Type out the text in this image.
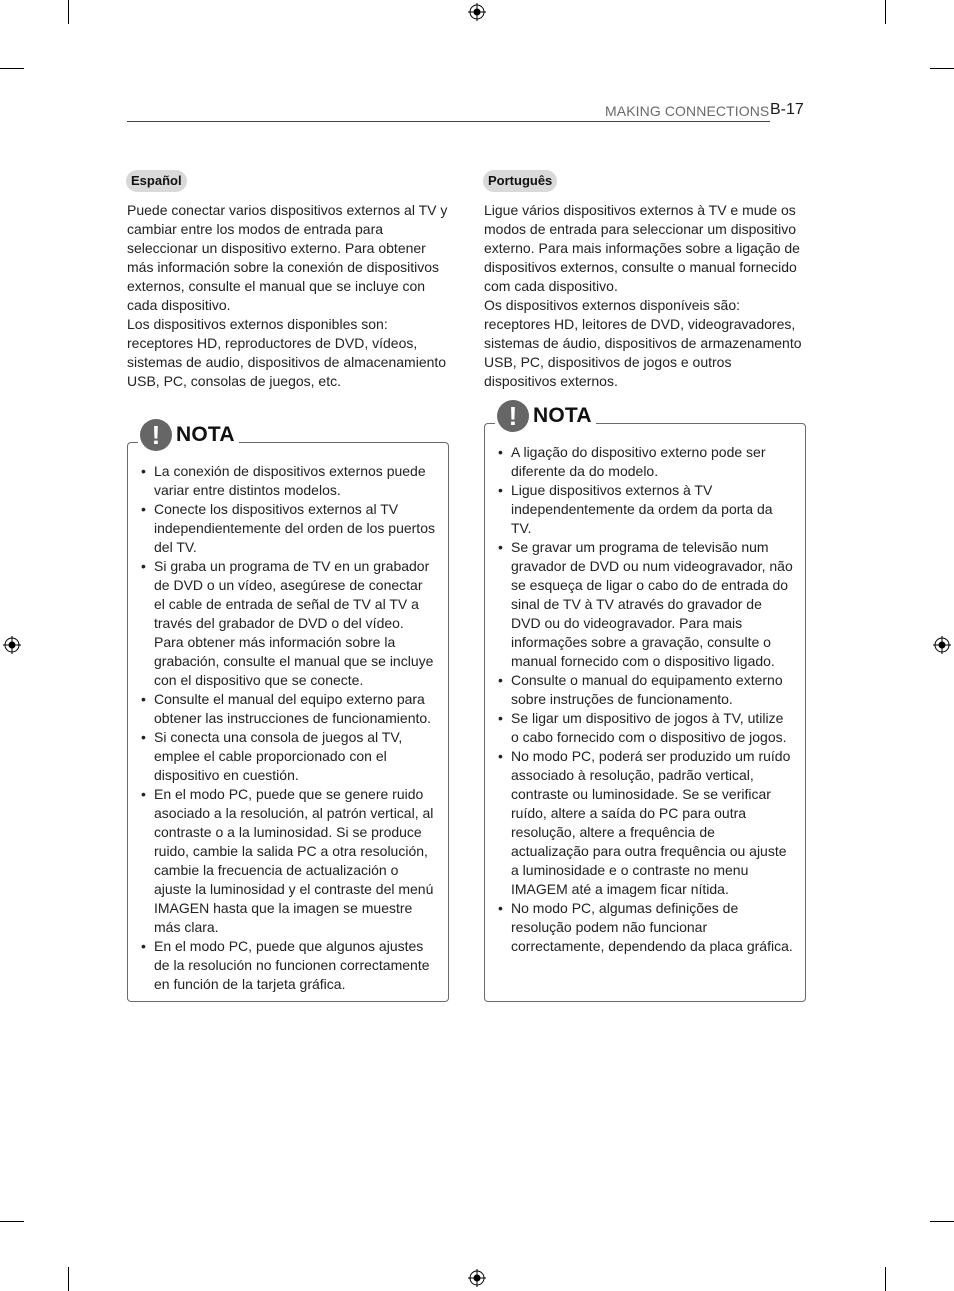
MAKING CONNECTIONS B-17
Español

Puede conectar varios dispositivos externos al TV y cambiar entre los modos de entrada para seleccionar un dispositivo externo. Para obtener más información sobre la conexión de dispositivos externos, consulte el manual que se incluye con cada dispositivo.

Los dispositivos externos disponibles son: receptores HD, reproductores de DVD, vídeos, sistemas de audio, dispositivos de almacenamiento USB, PC, consolas de juegos, etc.

! NOTA
• La conexión de dispositivos externos puede variar entre distintos modelos.
• Conecte los dispositivos externos al TV independientemente del orden de los puertos del TV.
• Si graba un programa de TV en un grabador de DVD o un vídeo, asegúrese de conectar el cable de entrada de señal de TV al TV a través del grabador de DVD o del vídeo. Para obtener más información sobre la grabación, consulte el manual que se incluye con el dispositivo que se conecte.
• Consulte el manual del equipo externo para obtener las instrucciones de funcionamiento.
• Si conecta una consola de juegos al TV, emplee el cable proporcionado con el dispositivo en cuestión.
• En el modo PC, puede que se genere ruido asociado a la resolución, al patrón vertical, al contraste o a la luminosidad. Si se produce ruido, cambie la salida PC a otra resolución, cambie la frecuencia de actualización o ajuste la luminosidad y el contraste del menú IMAGEN hasta que la imagen se muestre más clara.
• En el modo PC, puede que algunos ajustes de la resolución no funcionen correctamente en función de la tarjeta gráfica.
Português

Ligue vários dispositivos externos à TV e mude os modos de entrada para seleccionar um dispositivo externo. Para mais informações sobre a ligação de dispositivos externos, consulte o manual fornecido com cada dispositivo.

Os dispositivos externos disponíveis são: receptores HD, leitores de DVD, videogravadores, sistemas de áudio, dispositivos de armazenamento USB, PC, dispositivos de jogos e outros dispositivos externos.

! NOTA
• A ligação do dispositivo externo pode ser diferente da do modelo.
• Ligue dispositivos externos à TV independentemente da ordem da porta da TV.
• Se gravar um programa de televisão num gravador de DVD ou num videogravador, não se esqueça de ligar o cabo do de entrada do sinal de TV à TV através do gravador de DVD ou do videogravador. Para mais informações sobre a gravação, consulte o manual fornecido com o dispositivo ligado.
• Consulte o manual do equipamento externo sobre instruções de funcionamento.
• Se ligar um dispositivo de jogos à TV, utilize o cabo fornecido com o dispositivo de jogos.
• No modo PC, poderá ser produzido um ruído associado à resolução, padrão vertical, contraste ou luminosidade. Se se verificar ruído, altere a saída do PC para outra resolução, altere a frequência de actualização para outra frequência ou ajuste a luminosidade e o contraste no menu IMAGEM até a imagem ficar nítida.
• No modo PC, algumas definições de resolução podem não funcionar correctamente, dependendo da placa gráfica.
